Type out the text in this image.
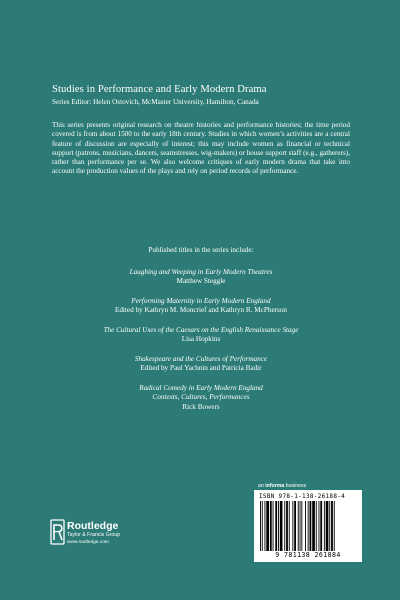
Studies in Performance and Early Modern Drama
Series Editor: Helen Ostovich, McMaster University, Hamilton, Canada
This series presents original research on theatre histories and performance histories; the time period covered is from about 1500 to the early 18th century. Studies in which women’s activities are a central feature of discussion are especially of interest; this may include women as financial or technical support (patrons, musicians, dancers, seamstresses, wig-makers) or house support staff (e.g., gatherers), rather than performance per se. We also welcome critiques of early modern drama that take into account the production values of the plays and rely on period records of performance.
Published titles in the series include:
Laughing and Weeping in Early Modern Theatres
Matthew Steggle
Performing Maternity in Early Modern England
Edited by Kathryn M. Moncrief and Kathryn R. McPherson
The Cultural Uses of the Caesars on the English Renaissance Stage
Lisa Hopkins
Shakespeare and the Cultures of Performance
Edited by Paul Yachnin and Patricia Badir
Radical Comedy in Early Modern England
Contexts, Cultures, Performances
Rick Bowers
an informa business
ISBN 978-1-138-26188-4
9 781138 261884
Routledge
Taylor & Francis Group
www.routledge.com
